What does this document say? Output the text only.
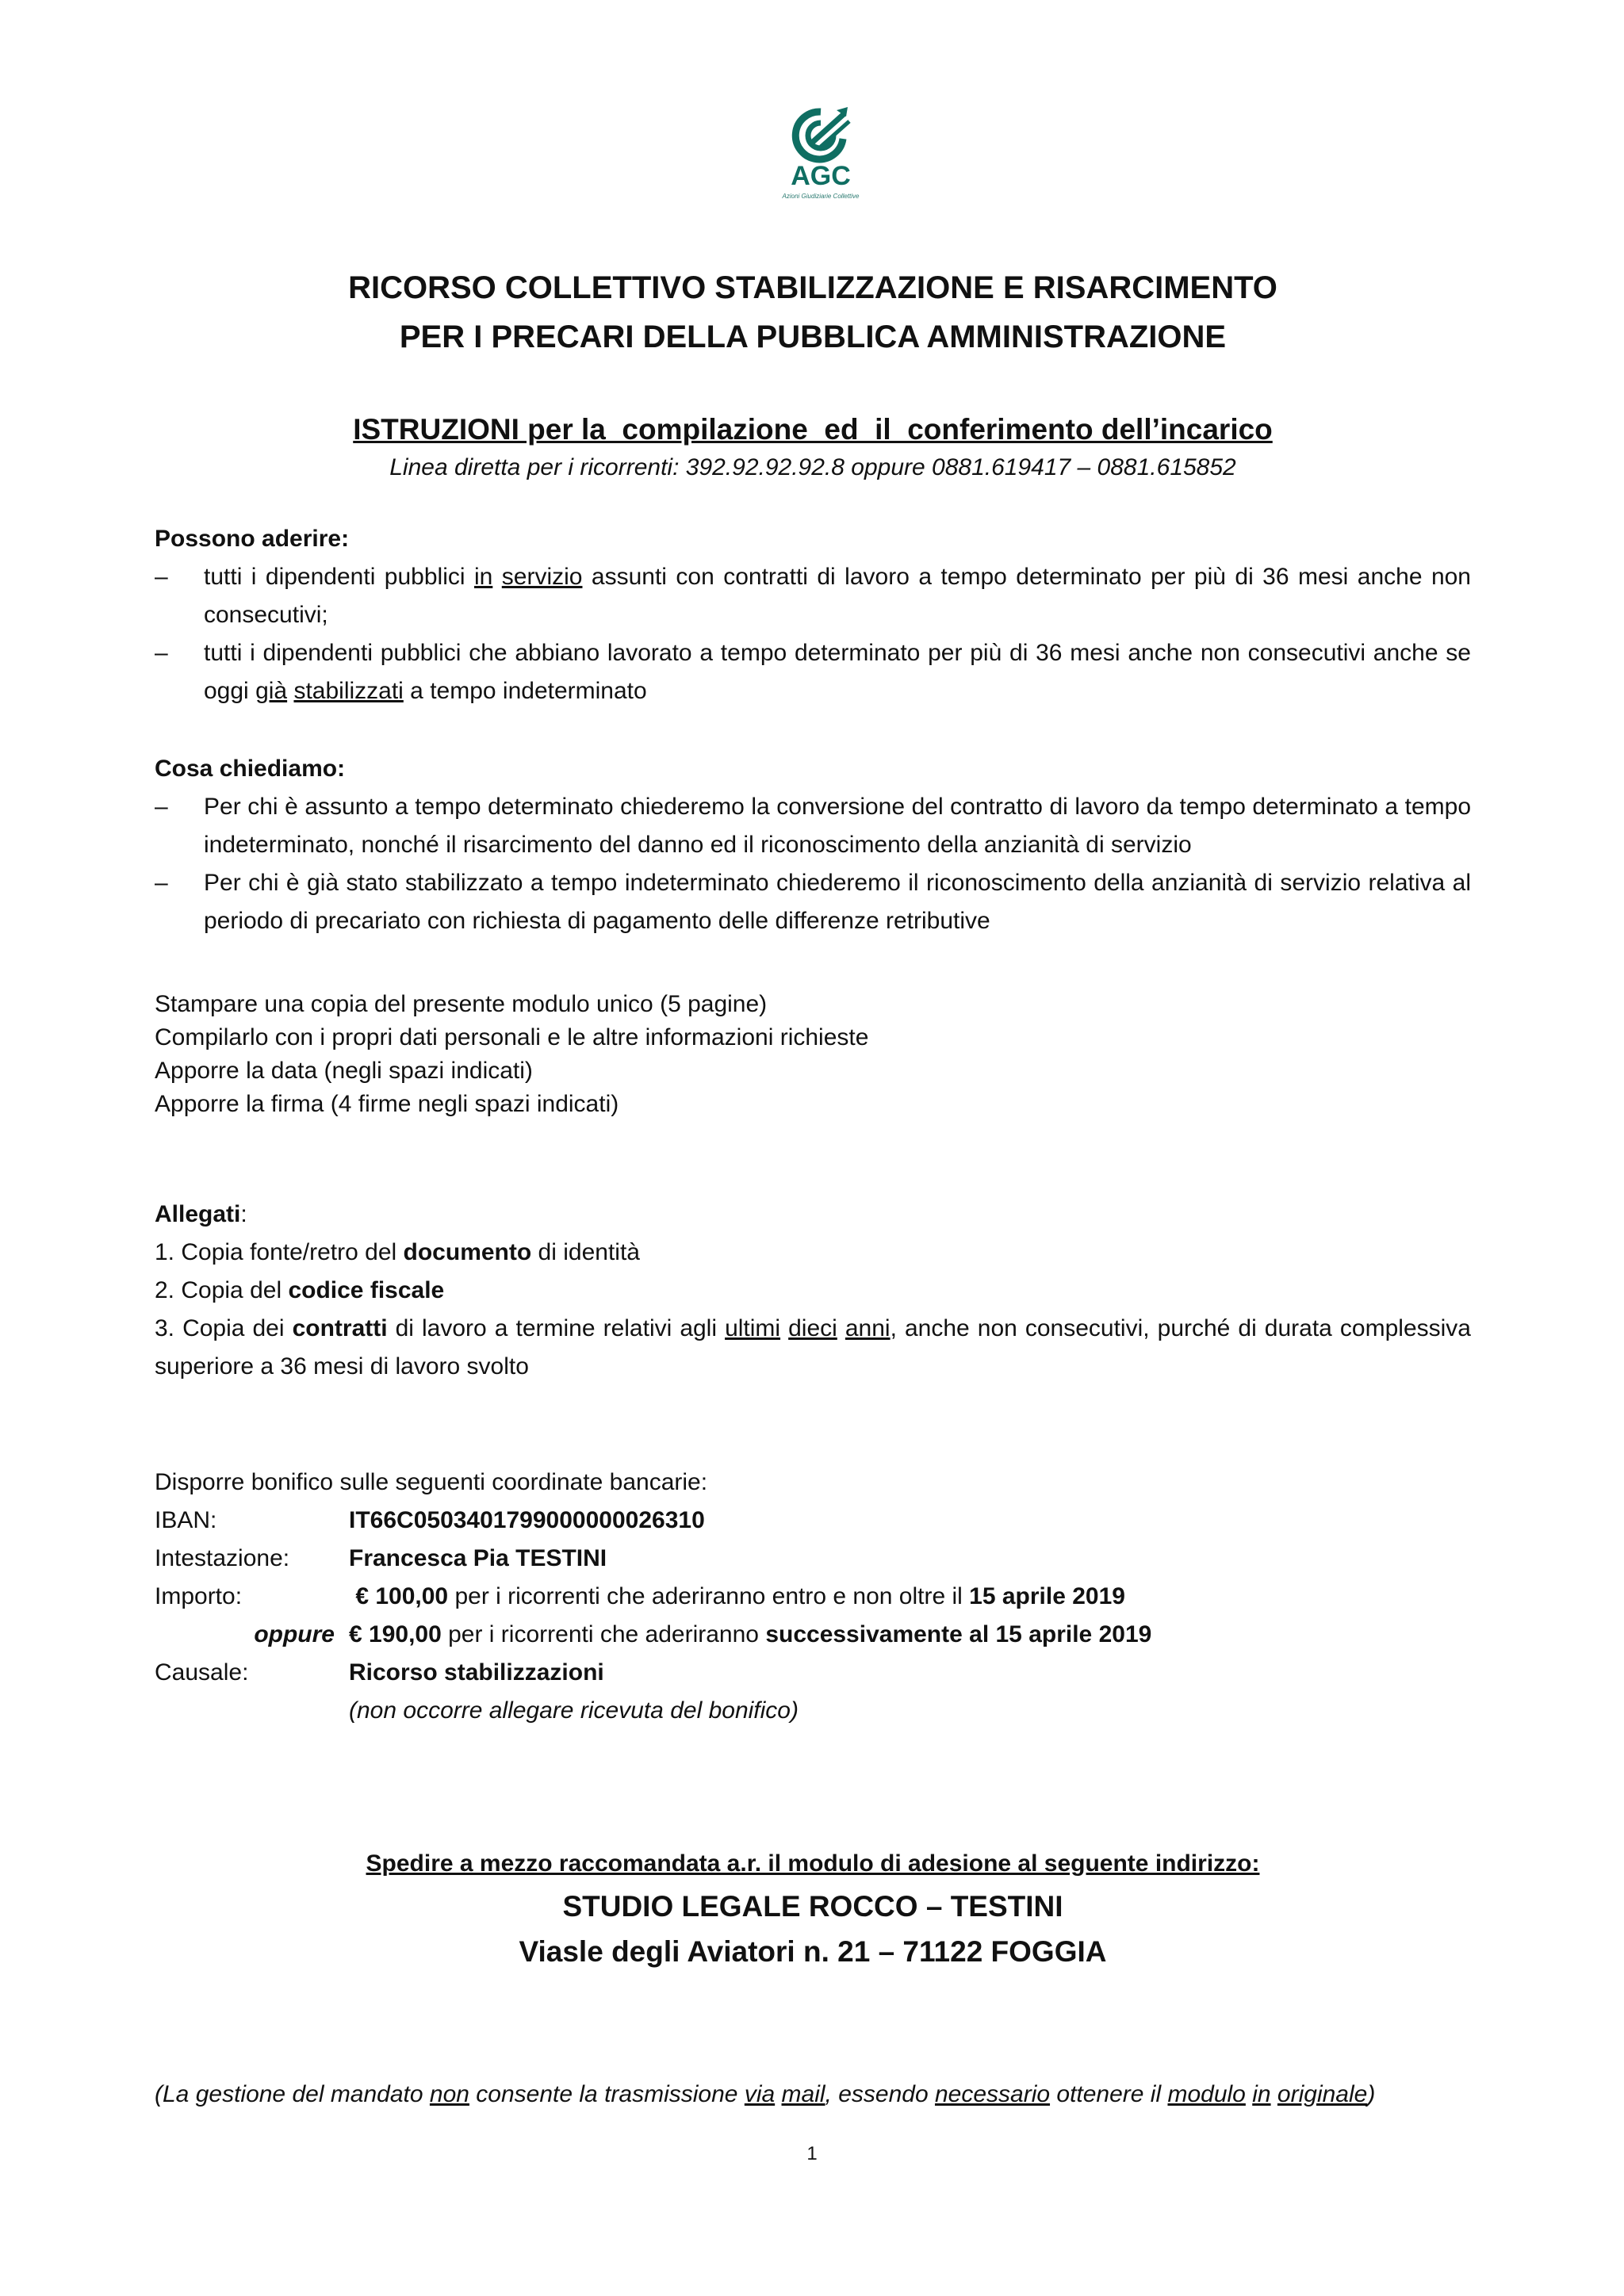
AGC
Azioni Giudiziarie Collettive
RICORSO COLLETTIVO STABILIZZAZIONE E RISARCIMENTO
PER I PRECARI DELLA PUBBLICA AMMINISTRAZIONE
ISTRUZIONI per la  compilazione  ed  il  conferimento dell’incarico
Linea diretta per i ricorrenti: 392.92.92.92.8 oppure 0881.619417 – 0881.615852
Possono aderire:
– tutti i dipendenti pubblici in servizio assunti con contratti di lavoro a tempo determinato per più di 36 mesi anche non consecutivi;
– tutti i dipendenti pubblici che abbiano lavorato a tempo determinato per più di 36 mesi anche non consecutivi anche se oggi già stabilizzati a tempo indeterminato
Cosa chiediamo:
– Per chi è assunto a tempo determinato chiederemo la conversione del contratto di lavoro da tempo determinato a tempo indeterminato, nonché il risarcimento del danno ed il riconoscimento della anzianità di servizio
– Per chi è già stato stabilizzato a tempo indeterminato chiederemo il riconoscimento della anzianità di servizio relativa al periodo di precariato con richiesta di pagamento delle differenze retributive
Stampare una copia del presente modulo unico (5 pagine)
Compilarlo con i propri dati personali e le altre informazioni richieste
Apporre la data (negli spazi indicati)
Apporre la firma (4 firme negli spazi indicati)
Allegati:
1. Copia fonte/retro del documento di identità
2. Copia del codice fiscale
3. Copia dei contratti di lavoro a termine relativi agli ultimi dieci anni, anche non consecutivi, purché di durata complessiva superiore a 36 mesi di lavoro svolto
Disporre bonifico sulle seguenti coordinate bancarie:
IBAN:	IT66C0503401799000000026310
Intestazione:	Francesca Pia TESTINI
Importo:	€ 100,00 per i ricorrenti che aderiranno entro e non oltre il 15 aprile 2019
oppure € 190,00 per i ricorrenti che aderiranno successivamente al 15 aprile 2019
Causale:	Ricorso stabilizzazioni
(non occorre allegare ricevuta del bonifico)
Spedire a mezzo raccomandata a.r. il modulo di adesione al seguente indirizzo:
STUDIO LEGALE ROCCO – TESTINI
Viasle degli Aviatori n. 21 – 71122 FOGGIA
(La gestione del mandato non consente la trasmissione via mail, essendo necessario ottenere il modulo in originale)
1
